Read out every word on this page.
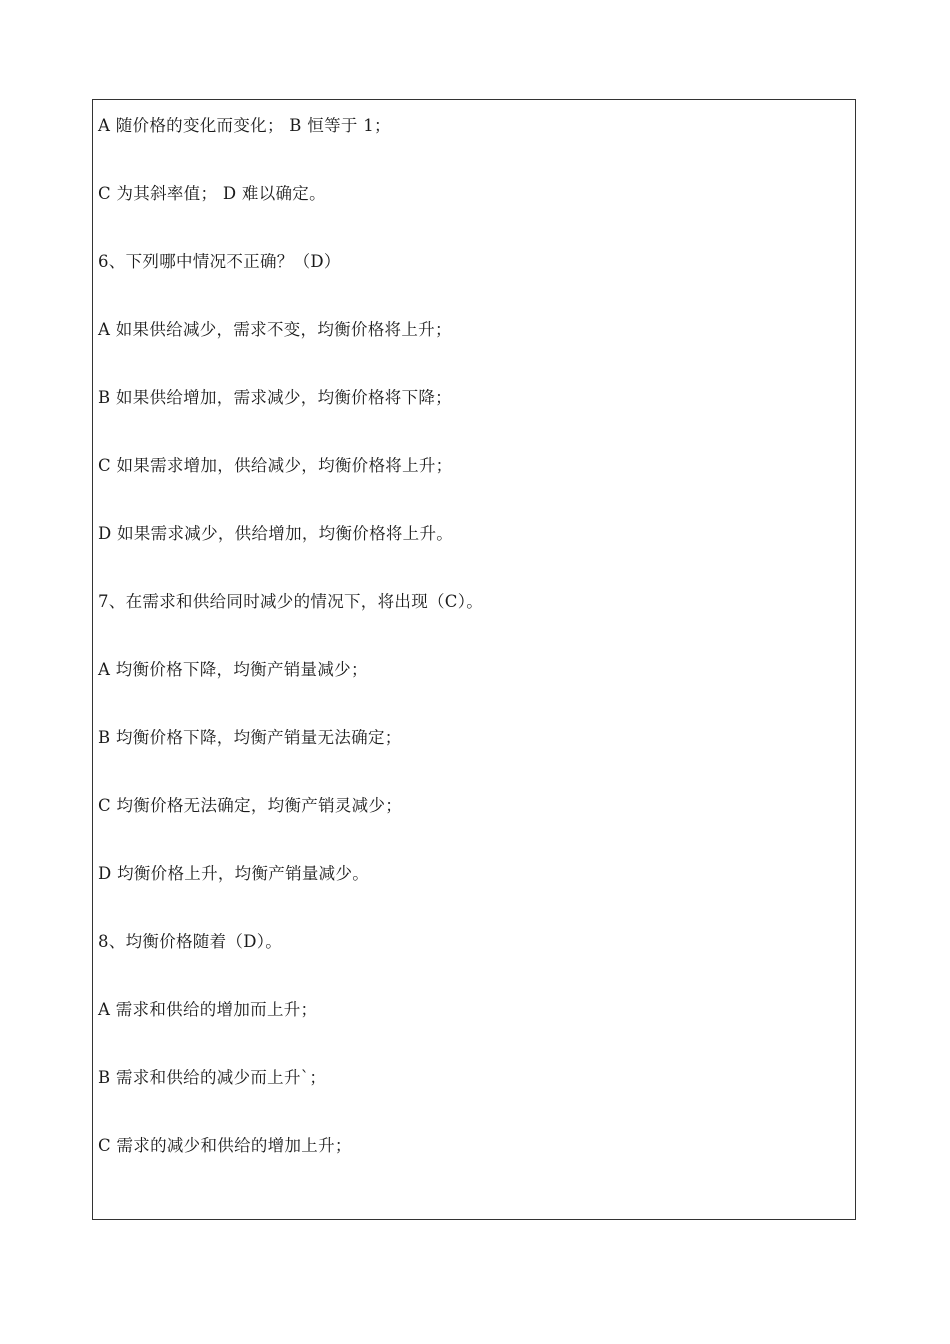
A 随价格的变化而变化； B 恒等于 1；

C 为其斜率值； D 难以确定。

6、下列哪中情况不正确？（D）

A 如果供给减少，需求不变，均衡价格将上升；

B 如果供给增加，需求减少，均衡价格将下降；

C 如果需求增加，供给减少，均衡价格将上升；

D 如果需求减少，供给增加，均衡价格将上升。

7、在需求和供给同时减少的情况下，将出现（C）。

A 均衡价格下降，均衡产销量减少；

B 均衡价格下降，均衡产销量无法确定；

C 均衡价格无法确定，均衡产销灵减少；

D 均衡价格上升，均衡产销量减少。

8、均衡价格随着（D）。

A 需求和供给的增加而上升；

B 需求和供给的减少而上升`；

C 需求的减少和供给的增加上升；
